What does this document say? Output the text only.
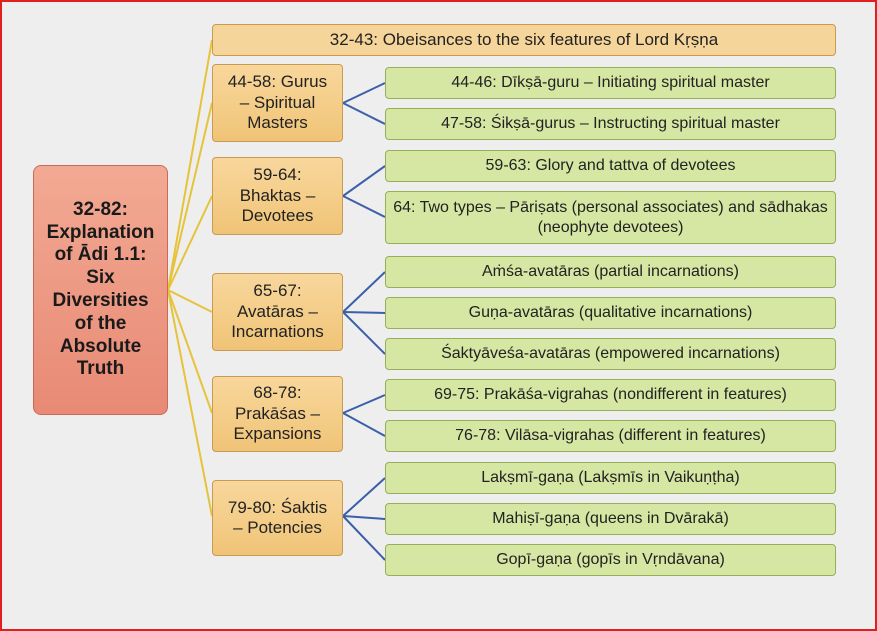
32-82:
Explanation
of Ādi 1.1:
Six
Diversities
of the
Absolute
Truth
32-43: Obeisances to the six features of Lord Kṛṣṇa
44-58: Gurus
– Spiritual
Masters
44-46: Dīkṣā-guru – Initiating spiritual master
47-58: Śikṣā-gurus – Instructing spiritual master
59-64:
Bhaktas –
Devotees
59-63: Glory and tattva of devotees
64: Two types – Pāriṣats (personal associates) and sādhakas (neophyte devotees)
65-67:
Avatāras –
Incarnations
Aṁśa-avatāras (partial incarnations)
Guṇa-avatāras (qualitative incarnations)
Śaktyāveśa-avatāras (empowered incarnations)
68-78:
Prakāśas –
Expansions
69-75: Prakāśa-vigrahas (nondifferent in features)
76-78: Vilāsa-vigrahas (different in features)
79-80: Śaktis
– Potencies
Lakṣmī-gaṇa (Lakṣmīs in Vaikuṇṭha)
Mahiṣī-gaṇa (queens in Dvārakā)
Gopī-gaṇa (gopīs in Vṛndāvana)
